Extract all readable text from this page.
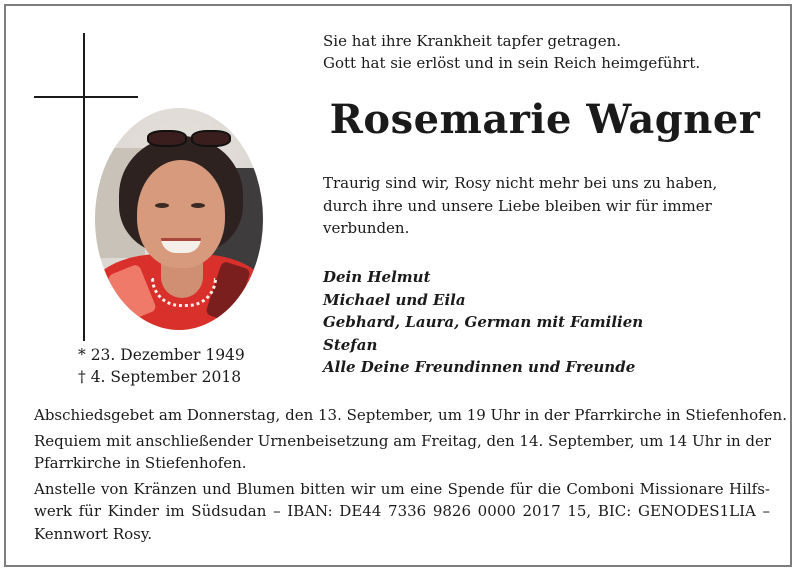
* 23. Dezember 1949
† 4. September 2018
Sie hat ihre Krankheit tapfer getragen.
Gott hat sie erlöst und in sein Reich heimgeführt.
Rosemarie Wagner
Traurig sind wir, Rosy nicht mehr bei uns zu haben,
durch ihre und unsere Liebe bleiben wir für immer
verbunden.
Dein Helmut
Michael und Eila
Gebhard, Laura, German mit Familien
Stefan
Alle Deine Freundinnen und Freunde
Abschiedsgebet am Donnerstag, den 13. September, um 19 Uhr in der Pfarrkirche in Stiefenhofen.
Requiem mit anschließender Urnenbeisetzung am Freitag, den 14. September, um 14 Uhr in der
Pfarrkirche in Stiefenhofen.
Anstelle von Kränzen und Blumen bitten wir um eine Spende für die Comboni Missionare Hilfs-
werk für Kinder im Südsudan – IBAN: DE44 7336 9826 0000 2017 15, BIC: GENODES1LIA –
Kennwort Rosy.
